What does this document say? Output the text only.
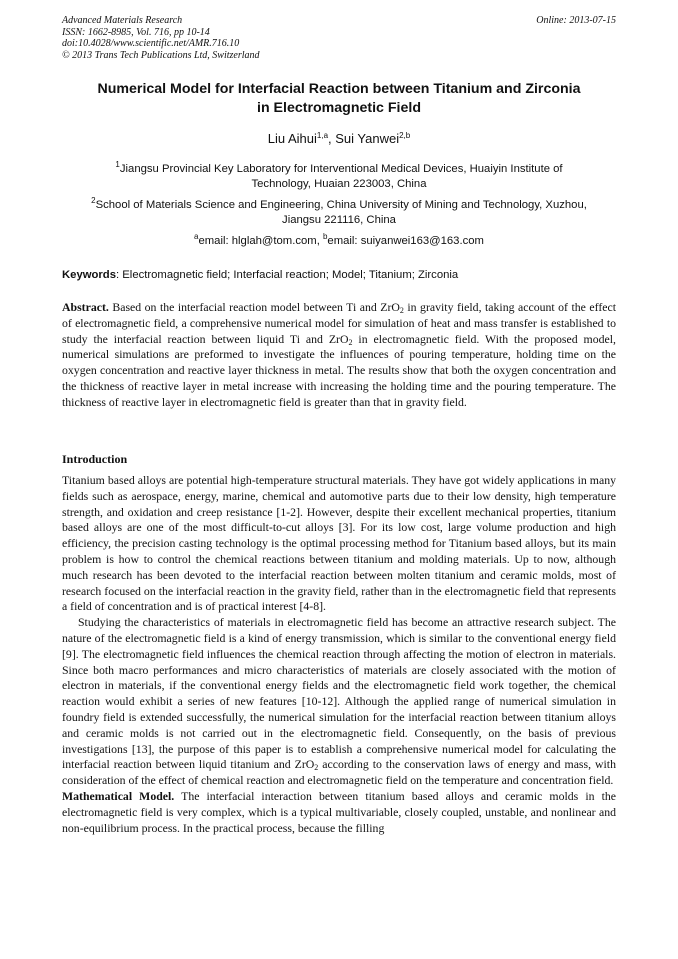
Advanced Materials Research
ISSN: 1662-8985, Vol. 716, pp 10-14
doi:10.4028/www.scientific.net/AMR.716.10
© 2013 Trans Tech Publications Ltd, Switzerland
Online: 2013-07-15
Numerical Model for Interfacial Reaction between Titanium and Zirconia
in Electromagnetic Field
Liu Aihui$^{1,a}$, Sui Yanwei$^{2,b}$
$^1$Jiangsu Provincial Key Laboratory for Interventional Medical Devices, Huaiyin Institute of
Technology, Huaian 223003, China
$^2$School of Materials Science and Engineering, China University of Mining and Technology, Xuzhou,
Jiangsu 221116, China
$^a$email: hlglah@tom.com, $^b$email: suiyanwei163@163.com
Keywords: Electromagnetic field; Interfacial reaction; Model; Titanium; Zirconia

Abstract. Based on the interfacial reaction model between Ti and ZrO$_2$ in gravity field, taking account of the effect of electromagnetic field, a comprehensive numerical model for simulation of heat and mass transfer is established to study the interfacial reaction between liquid Ti and ZrO$_2$ in electromagnetic field. With the proposed model, numerical simulations are preformed to investigate the influences of pouring temperature, holding time on the oxygen concentration and reactive layer thickness in metal. The results show that both the oxygen concentration and the thickness of reactive layer in metal increase with increasing the holding time and the pouring temperature. The thickness of reactive layer in electromagnetic field is greater than that in gravity field.

Introduction

Titanium based alloys are potential high-temperature structural materials. They have got widely applications in many fields such as aerospace, energy, marine, chemical and automotive parts due to their low density, high temperature strength, and oxidation and creep resistance [1-2]. However, despite their excellent mechanical properties, titanium based alloys are one of the most difficult-to-cut alloys [3]. For its low cost, large volume production and high efficiency, the precision casting technology is the optimal processing method for Titanium based alloys, but its main problem is how to control the chemical reactions between titanium and molding materials. Up to now, although much research has been devoted to the interfacial reaction between molten titanium and ceramic molds, most of research focused on the interfacial reaction in the gravity field, rather than in the electromagnetic field that represents a field of concentration and is of practical interest [4-8].

Studying the characteristics of materials in electromagnetic field has become an attractive research subject. The nature of the electromagnetic field is a kind of energy transmission, which is similar to the conventional energy field [9]. The electromagnetic field influences the chemical reaction through affecting the motion of electron in materials. Since both macro performances and micro characteristics of materials are closely associated with the motion of electron in materials, if the conventional energy fields and the electromagnetic field work together, the chemical reaction would exhibit a series of new features [10-12]. Although the applied range of numerical simulation in foundry field is extended successfully, the numerical simulation for the interfacial reaction between titanium alloys and ceramic molds is not carried out in the electromagnetic field. Consequently, on the basis of previous investigations [13], the purpose of this paper is to establish a comprehensive numerical model for calculating the interfacial reaction between liquid titanium and ZrO$_2$ according to the conservation laws of energy and mass, with consideration of the effect of chemical reaction and electromagnetic field on the temperature and concentration field.

Mathematical Model. The interfacial interaction between titanium based alloys and ceramic molds in the electromagnetic field is very complex, which is a typical multivariable, closely coupled, unstable, and nonlinear and non-equilibrium process. In the practical process, because the filling
